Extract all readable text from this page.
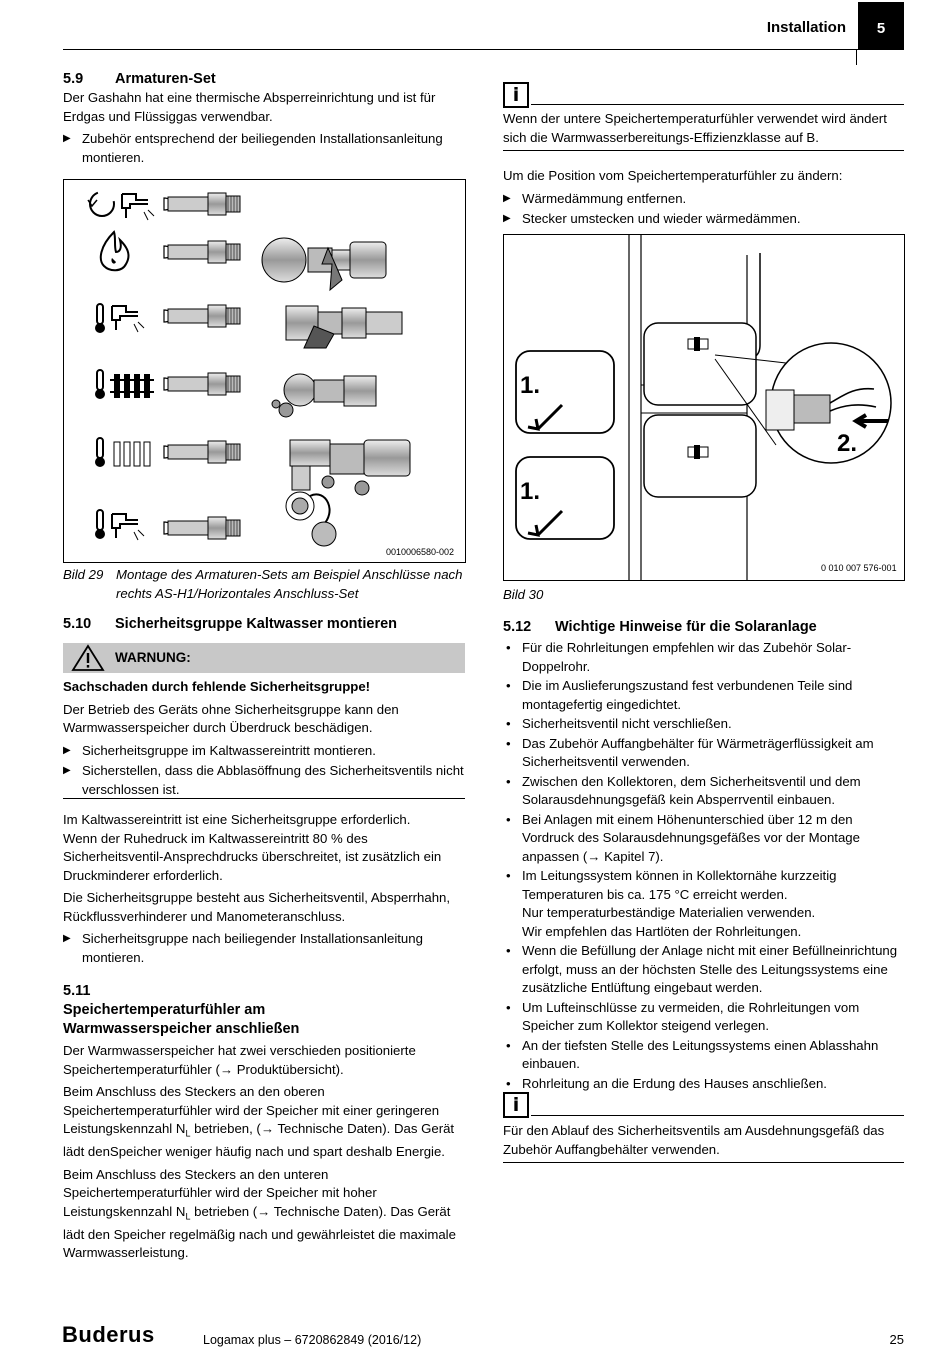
Installation	5
5.9 Armaturen-Set

Der Gashahn hat eine thermische Absperreinrichtung und ist für Erdgas und Flüssiggas verwendbar.

▶ Zubehör entsprechend der beiliegenden Installationsanleitung montieren.
0010006580-002
Bild 29 Montage des Armaturen-Sets am Beispiel Anschlüsse nach rechts AS-H1/Horizontales Anschluss-Set
5.10 Sicherheitsgruppe Kaltwasser montieren
WARNUNG:

Sachschaden durch fehlende Sicherheitsgruppe!

Der Betrieb des Geräts ohne Sicherheitsgruppe kann den Warmwasserspeicher durch Überdruck beschädigen.

▶ Sicherheitsgruppe im Kaltwassereintritt montieren.
▶ Sicherstellen, dass die Abblasöffnung des Sicherheitsventils nicht verschlossen ist.

Im Kaltwassereintritt ist eine Sicherheitsgruppe erforderlich.

Wenn der Ruhedruck im Kaltwassereintritt 80 % des Sicherheitsventil-Ansprechdrucks überschreitet, ist zusätzlich ein Druckminderer erforderlich.

Die Sicherheitsgruppe besteht aus Sicherheitsventil, Absperrhahn, Rückflussverhinderer und Manometeranschluss.

▶ Sicherheitsgruppe nach beiliegender Installationsanleitung montieren.
5.11Speichertemperaturfühler am Warmwasserspeicher anschließen

Der Warmwasserspeicher hat zwei verschieden positionierte Speichertemperaturfühler (→ Produktübersicht).

Beim Anschluss des Steckers an den oberen Speichertemperaturfühler wird der Speicher mit einer geringeren Leistungskennzahl $N_L$ betrieben, (→ Technische Daten). Das Gerät lädt denSpeicher weniger häufig nach und spart deshalb Energie.

Beim Anschluss des Steckers an den unteren Speichertemperaturfühler wird der Speicher mit hoher Leistungskennzahl $N_L$ betrieben (→ Technische Daten). Das Gerät lädt den Speicher regelmäßig nach und gewährleistet die maximale Warmwasserleistung.

i
Wenn der untere Speichertemperaturfühler verwendet wird ändert sich die Warmwasserbereitungs-Effizienzklasse auf B.

Um die Position vom Speichertemperaturfühler zu ändern:

▶ Wärmedämmung entfernen.
▶ Stecker umstecken und wieder wärmedämmen.
1.
1.
2.
0 010 007 576-001
Bild 30
5.12 Wichtige Hinweise für die Solaranlage
• Für die Rohrleitungen empfehlen wir das Zubehör Solar-Doppelrohr.
• Die im Auslieferungszustand fest verbundenen Teile sind montagefertig eingedichtet.
• Sicherheitsventil nicht verschließen.
• Das Zubehör Auffangbehälter für Wärmeträgerflüssigkeit am Sicherheitsventil verwenden.
• Zwischen den Kollektoren, dem Sicherheitsventil und dem Solarausdehnungsgefäß kein Absperrventil einbauen.
• Bei Anlagen mit einem Höhenunterschied über 12 m den Vordruck des Solarausdehnungsgefäßes vor der Montage anpassen (→ Kapitel 7).
• Im Leitungssystem können in Kollektornähe kurzzeitig Temperaturen bis ca. 175 °C erreicht werden.
Nur temperaturbeständige Materialien verwenden.
Wir empfehlen das Hartlöten der Rohrleitungen.
• Wenn die Befüllung der Anlage nicht mit einer Befüllneinrichtung erfolgt, muss an der höchsten Stelle des Leitungssystems eine zusätzliche Entlüftung eingebaut werden.
• Um Lufteinschlüsse zu vermeiden, die Rohrleitungen vom Speicher zum Kollektor steigend verlegen.
• An der tiefsten Stelle des Leitungssystems einen Ablasshahn einbauen.
• Rohrleitung an die Erdung des Hauses anschließen.
i
Für den Ablauf des Sicherheitsventils am Ausdehnungsgefäß das Zubehör Auffangbehälter verwenden.
Buderus	Logamax plus – 6720862849 (2016/12)	25
